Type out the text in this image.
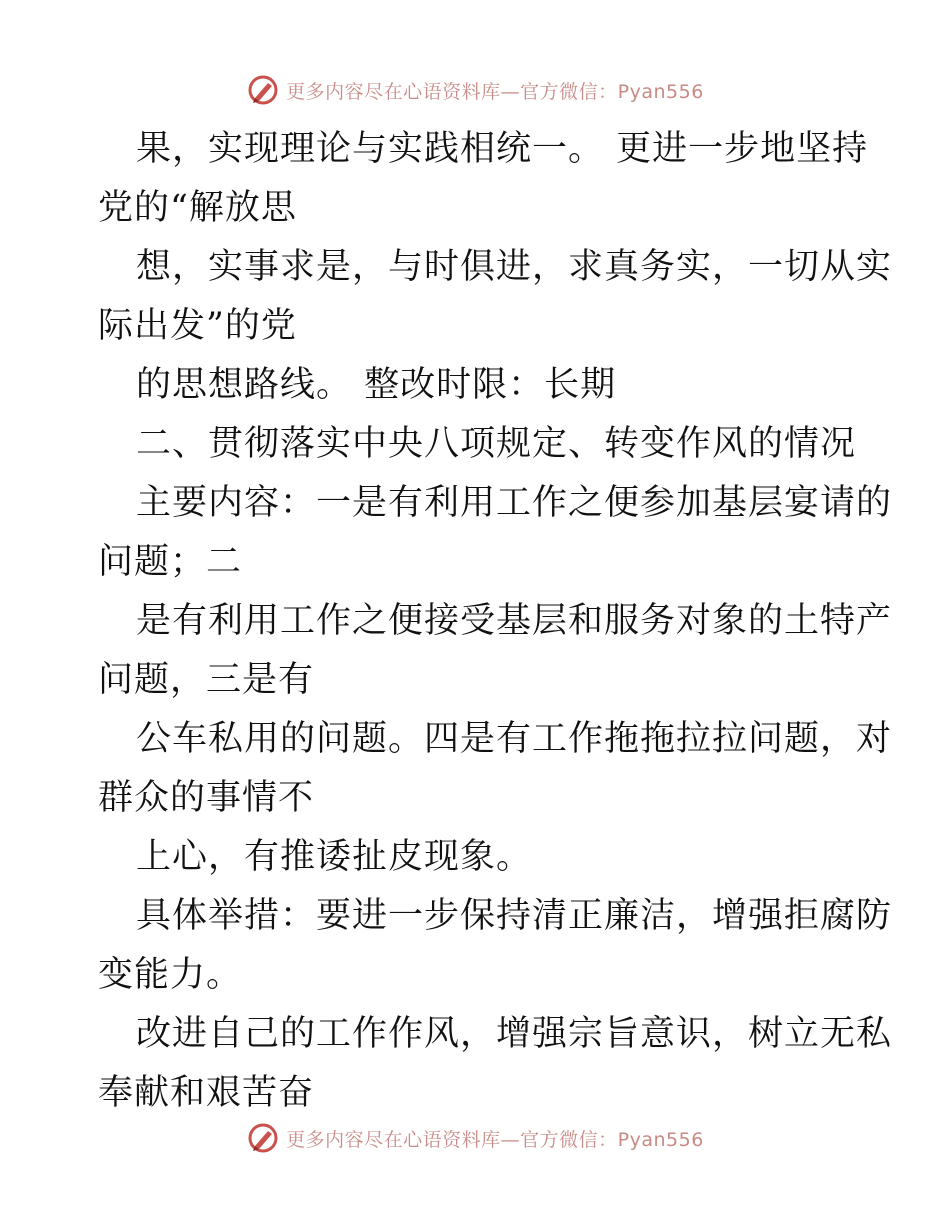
更多内容尽在心语资料库—官方微信：Pyan556
果，实现理论与实践相统一。 更进一步地坚持
党的“解放思
想，实事求是，与时俱进，求真务实，一切从实
际出发”的党
的思想路线。 整改时限：长期
二、贯彻落实中央八项规定、转变作风的情况
主要内容：一是有利用工作之便参加基层宴请的
问题；二
是有利用工作之便接受基层和服务对象的土特产
问题，三是有
公车私用的问题。四是有工作拖拖拉拉问题，对
群众的事情不
上心，有推诿扯皮现象。
具体举措：要进一步保持清正廉洁，增强拒腐防
变能力。
改进自己的工作作风，增强宗旨意识，树立无私
奉献和艰苦奋
更多内容尽在心语资料库—官方微信：Pyan556
